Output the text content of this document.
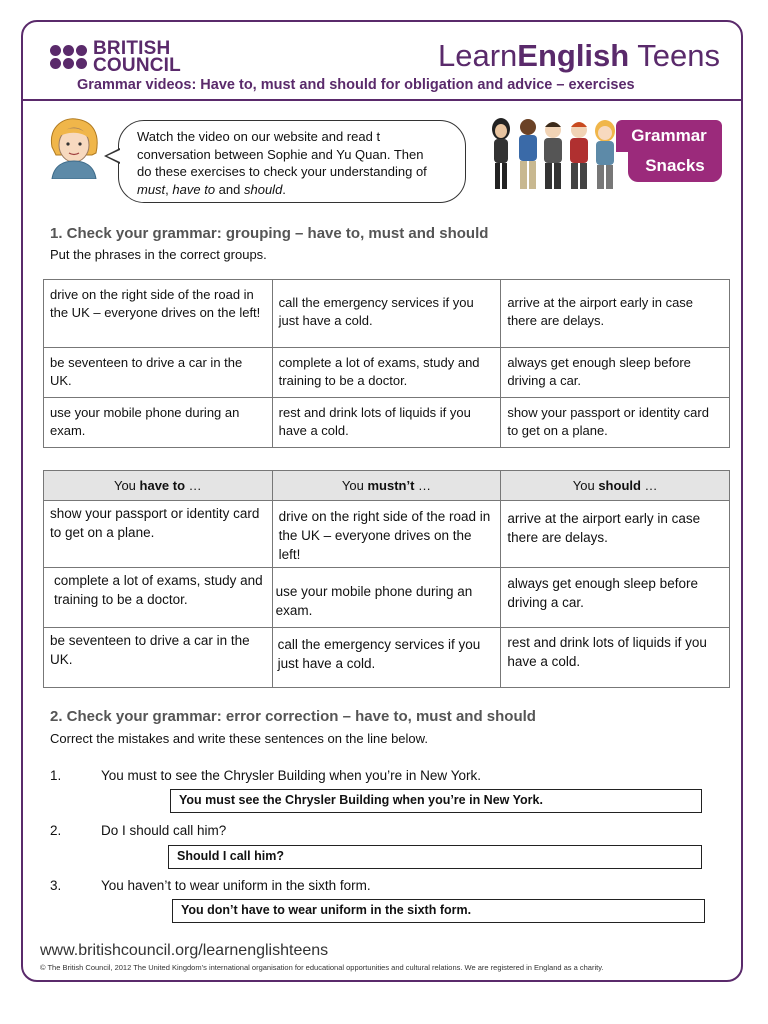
BRITISH
COUNCIL	LearnEnglish Teens
Grammar videos: Have to, must and should for obligation and advice – exercises
Watch the video on our website and read t
conversation between Sophie and Yu Quan. Then
do these exercises to check your understanding of
must, have to and should.
Grammar
Snacks
1. Check your grammar: grouping – have to, must and should
Put the phrases in the correct groups.
drive on the right side of the road in the UK – everyone drives on the left!	call the emergency services if you just have a cold.	arrive at the airport early in case there are delays.
be seventeen to drive a car in the UK.	complete a lot of exams, study and training to be a doctor.	always get enough sleep before driving a car.
use your mobile phone during an exam.	rest and drink lots of liquids if you have a cold.	show your passport or identity card to get on a plane.
You have to …	You mustn’t …	You should …
show your passport or identity card to get on a plane.	drive on the right side of the road in the UK – everyone drives on the left!	arrive at the airport early in case there are delays.
complete a lot of exams, study and training to be a doctor.	use your mobile phone during an exam.	always get enough sleep before driving a car.
be seventeen to drive a car in the UK.	call the emergency services if you just have a cold.	rest and drink lots of liquids if you have a cold.
2. Check your grammar: error correction – have to, must and should
Correct the mistakes and write these sentences on the line below.
1.	You must to see the Chrysler Building when you’re in New York.
You must see the Chrysler Building when you’re in New York.
2.	Do I should call him?
Should I call him?
3.	You haven’t to wear uniform in the sixth form.
You don’t have to wear uniform in the sixth form.
www.britishcouncil.org/learnenglishteens
© The British Council, 2012 The United Kingdom’s international organisation for educational opportunities and cultural relations. We are registered in England as a charity.
